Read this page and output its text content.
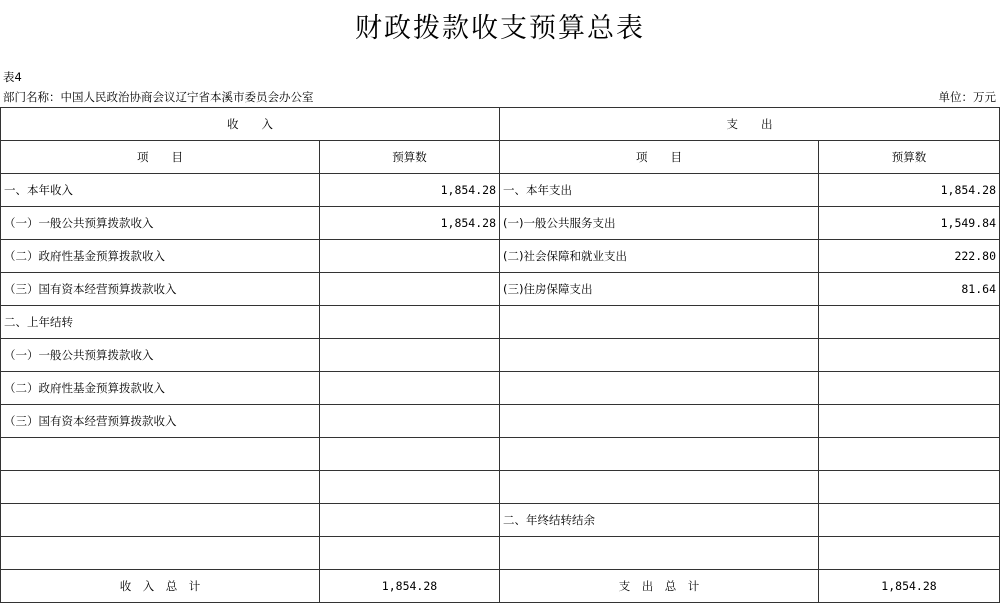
财政拨款收支预算总表
表4
部门名称：中国人民政治协商会议辽宁省本溪市委员会办公室	单位：万元
收　　入		支　　出	
项　　目	预算数	项　　目	预算数
一、本年收入	1,854.28	一、本年支出	1,854.28
（一）一般公共预算拨款收入	1,854.28	(一)一般公共服务支出	1,549.84
（二）政府性基金预算拨款收入		(二)社会保障和就业支出	222.80
（三）国有资本经营预算拨款收入		(三)住房保障支出	81.64
二、上年结转			
（一）一般公共预算拨款收入			
（二）政府性基金预算拨款收入			
（三）国有资本经营预算拨款收入			

		二、年终结转结余	

收　入　总　计	1,854.28	支　出　总　计	1,854.28
